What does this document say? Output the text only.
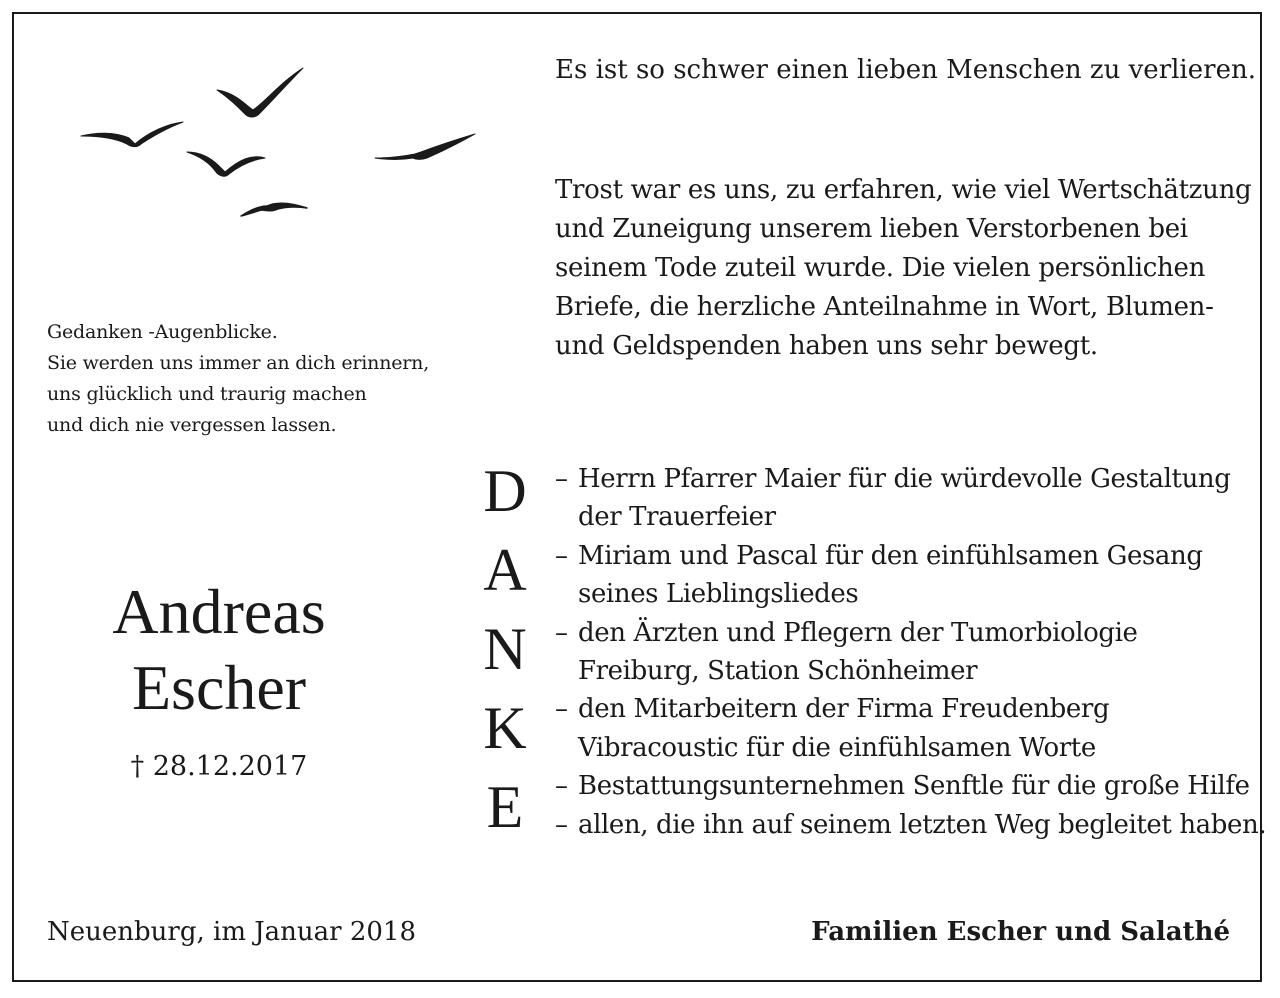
Gedanken -Augenblicke.
Sie werden uns immer an dich erinnern,
uns glücklich und traurig machen
und dich nie vergessen lassen.
Andreas
Escher
† 28.12.2017
Es ist so schwer einen lieben Menschen zu verlieren.
Trost war es uns, zu erfahren, wie viel Wertschätzung
und Zuneigung unserem lieben Verstorbenen bei
seinem Tode zuteil wurde. Die vielen persönlichen
Briefe, die herzliche Anteilnahme in Wort, Blumen-
und Geldspenden haben uns sehr bewegt.
D
A
N
K
E
– Herrn Pfarrer Maier für die würdevolle Gestaltung
der Trauerfeier
– Miriam und Pascal für den einfühlsamen Gesang
seines Lieblingsliedes
– den Ärzten und Pflegern der Tumorbiologie
Freiburg, Station Schönheimer
– den Mitarbeitern der Firma Freudenberg
Vibracoustic für die einfühlsamen Worte
– Bestattungsunternehmen Senftle für die große Hilfe
– allen, die ihn auf seinem letzten Weg begleitet haben.
Neuenburg, im Januar 2018	Familien Escher und Salathé
